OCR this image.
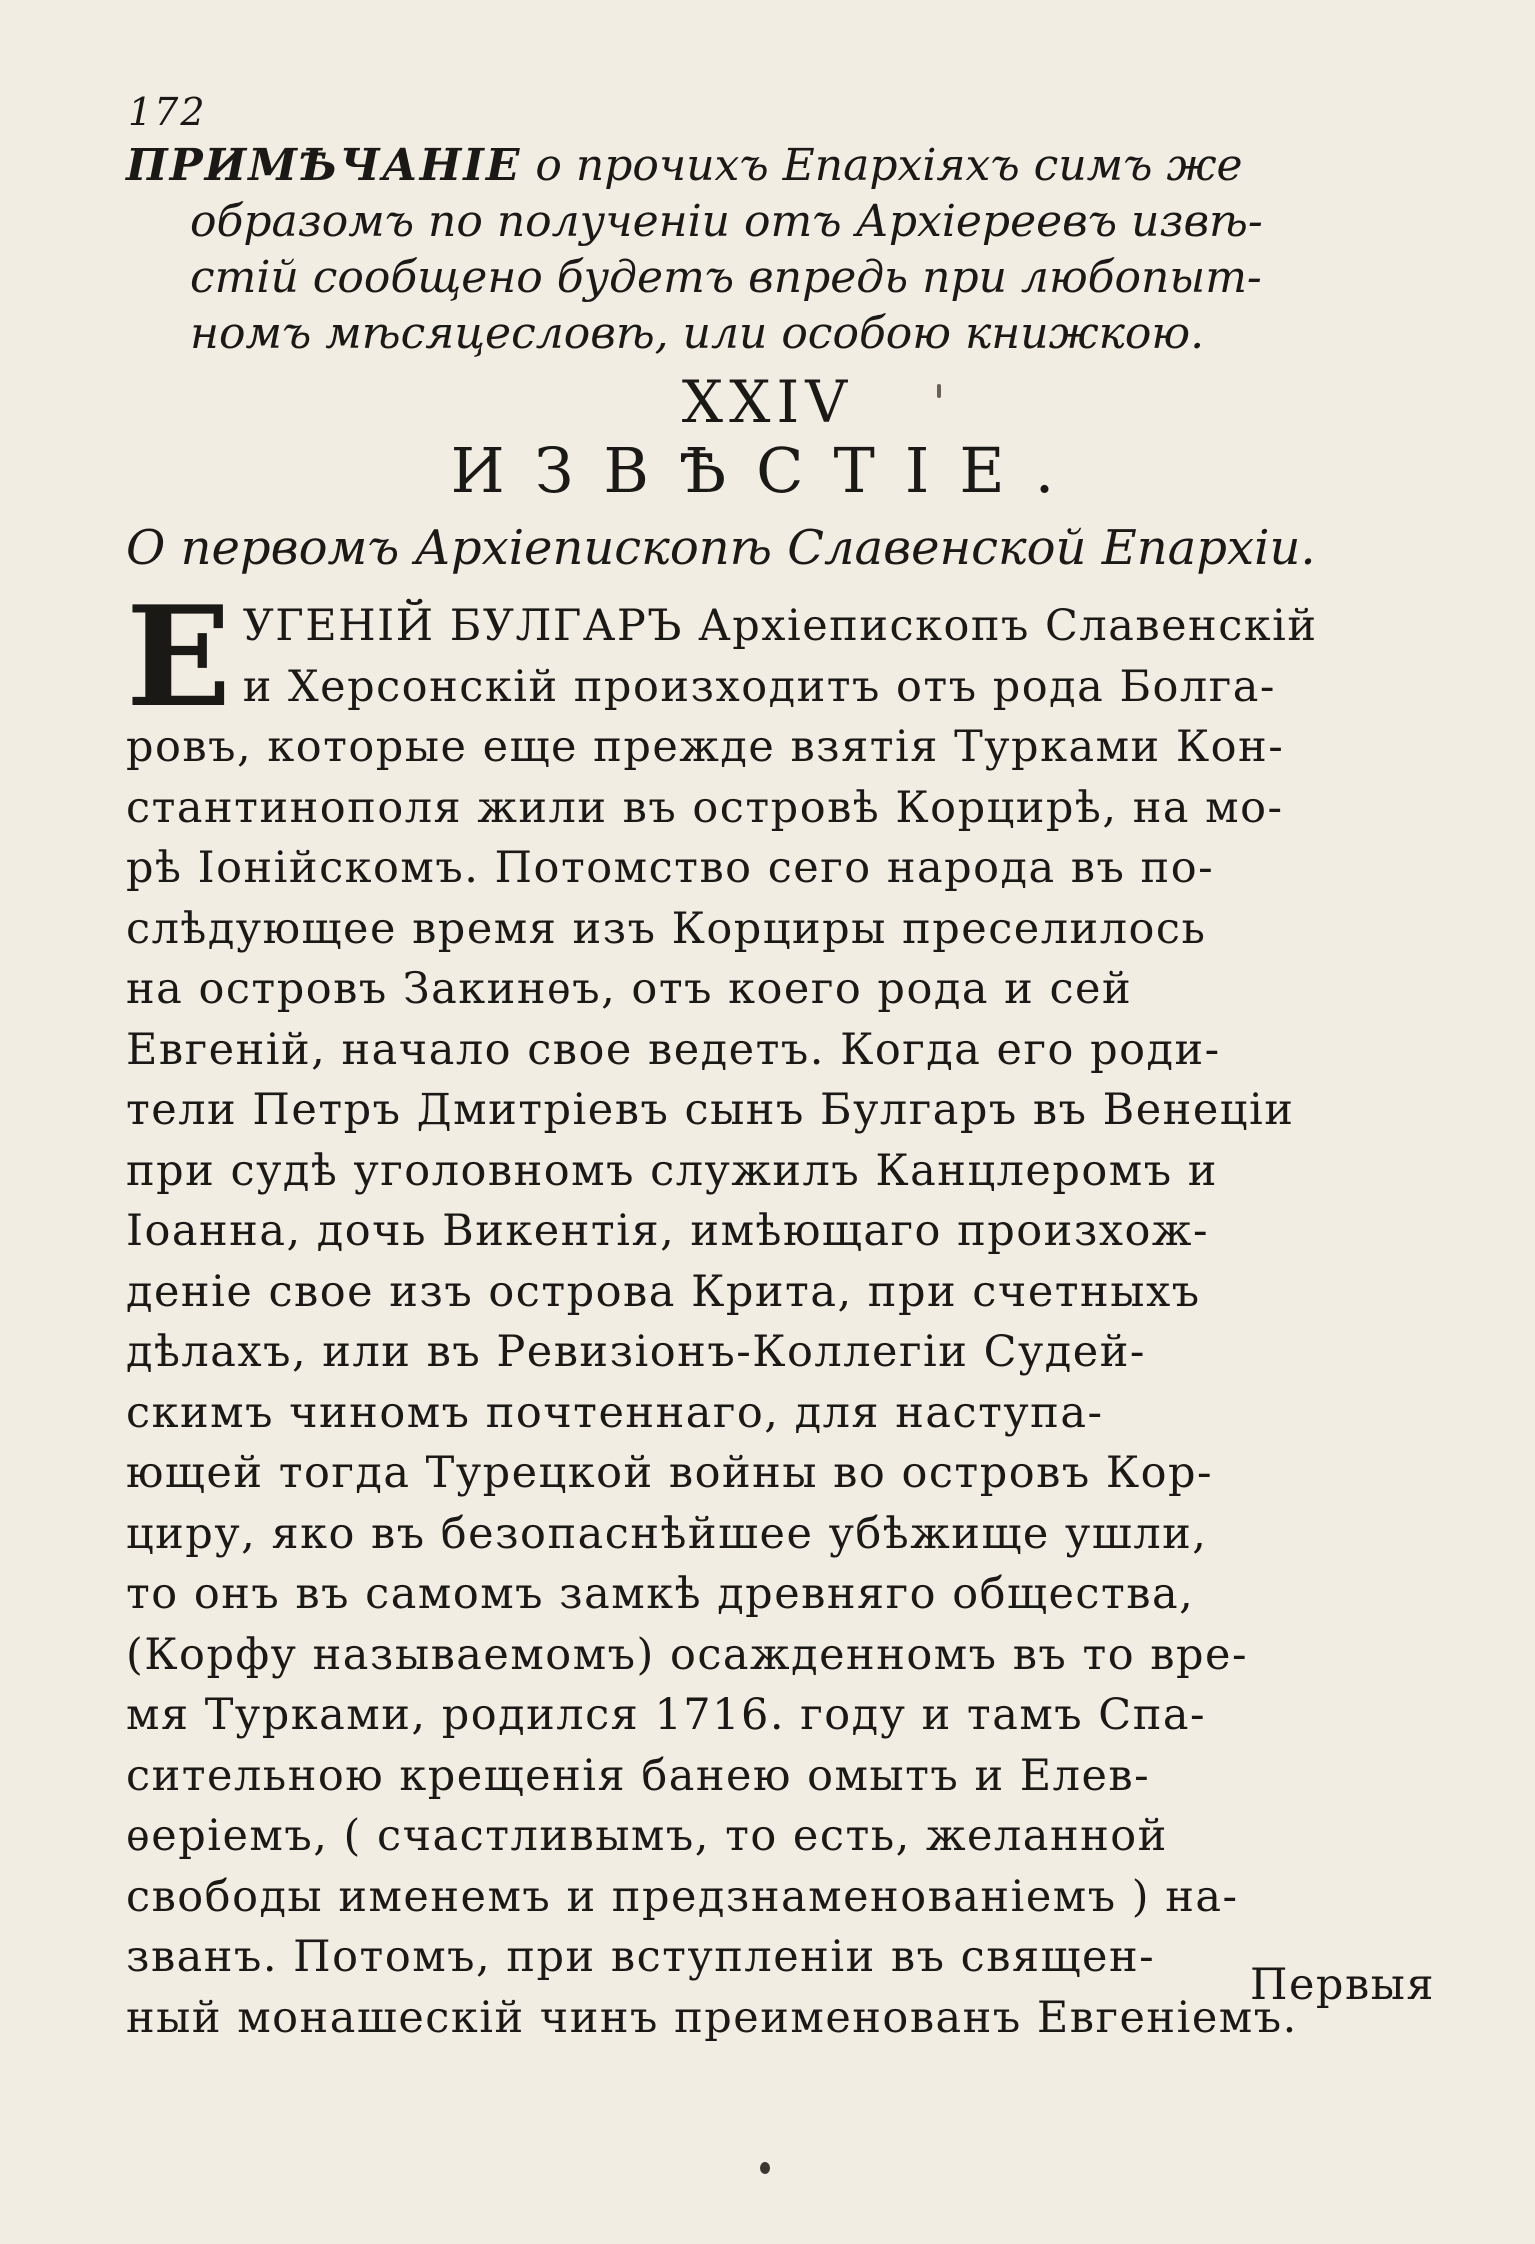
172
ПРИМѢЧАНІЕ о прочихъ Епархіяхъ симъ же
образомъ по полученіи отъ Архіереевъ извѣ-
стій сообщено будетъ впредь при любопыт-
номъ мѣсяцесловѣ, или особою книжкою.
XXIV
ИЗВѢСТІЕ.
О первомъ Архіепископѣ Славенской Епархіи.
Е УГЕНІЙ БУЛГАРЪ Архіепископъ Славенскій
и Херсонскій произходитъ отъ рода Болга-
ровъ, которые еще прежде взятія Турками Кон-
стантинополя жили въ островѣ Корцирѣ, на мо-
рѣ Іонійскомъ. Потомство сего народа въ по-
слѣдующее время изъ Корциры преселилось
на островъ Закинѳъ, отъ коего рода и сей
Евгеній, начало свое ведетъ. Когда его роди-
тели Петръ Дмитріевъ сынъ Булгаръ въ Венеціи
при судѣ уголовномъ служилъ Канцлеромъ и
Іоанна, дочь Викентія, имѣющаго произхож-
деніе свое изъ острова Крита, при счетныхъ
дѣлахъ, или въ Ревизіонъ-Коллегіи Судей-
скимъ чиномъ почтеннаго, для наступа-
ющей тогда Турецкой войны во островъ Кор-
циру, яко въ безопаснѣйшее убѣжище ушли,
то онъ въ самомъ замкѣ древняго общества,
(Корфу называемомъ) осажденномъ въ то вре-
мя Турками, родился 1716. году и тамъ Спа-
сительною крещенія банею омытъ и Елев-
ѳеріемъ, ( счастливымъ, то есть, желанной
свободы именемъ и предзнаменованіемъ ) на-
званъ. Потомъ, при вступленіи въ священ-
ный монашескій чинъ преименованъ Евгеніемъ.
Первыя
